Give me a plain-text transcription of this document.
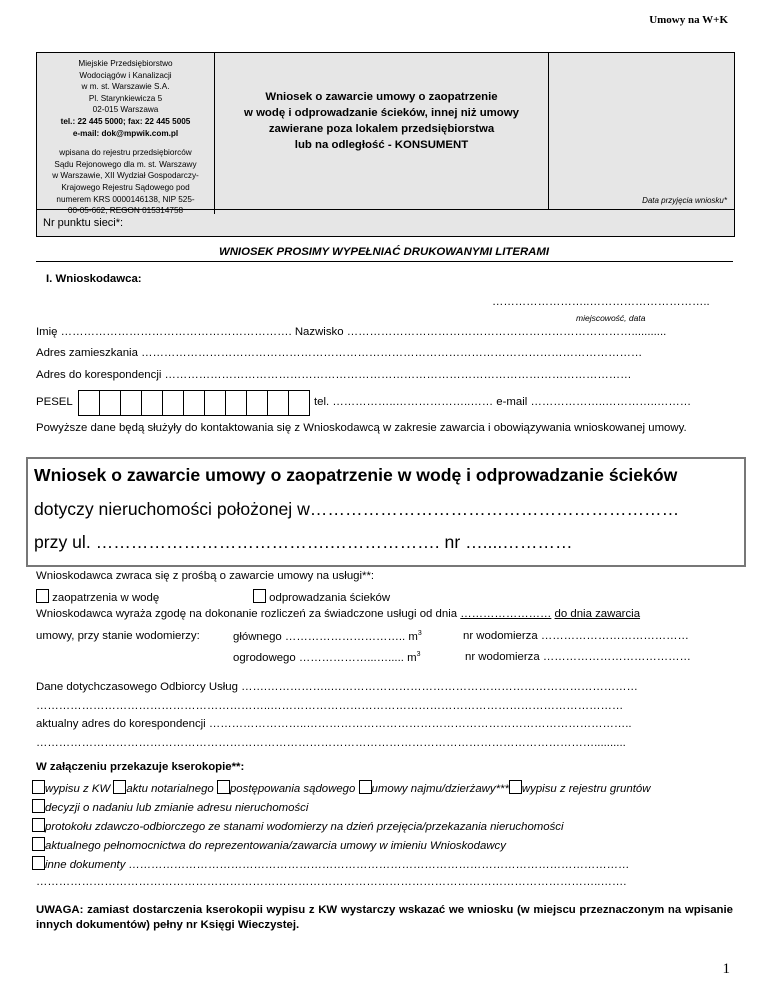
Umowy na W+K
Miejskie Przedsiębiorstwo
Wodociągów i Kanalizacji
w m. st. Warszawie S.A.
Pl. Starynkiewicza 5
02-015 Warszawa
tel.: 22 445 5000; fax: 22 445 5005
e-mail: dok@mpwik.com.pl
wpisana do rejestru przedsiębiorców
Sądu Rejonowego dla m. st. Warszawy
w Warszawie, XII Wydział Gospodarczy-
Krajowego Rejestru Sądowego pod
numerem KRS 0000146138, NIP 525-
00-05-662, REGON 015314758
Wniosek o zawarcie umowy o zaopatrzenie
w wodę i odprowadzanie ścieków, innej niż umowy
zawierane poza lokalem przedsiębiorstwa
lub na odległość - KONSUMENT
Data przyjęcia wniosku*
Nr punktu sieci*:
WNIOSEK PROSIMY WYPEŁNIAĆ DRUKOWANYMI LITERAMI
I. Wnioskodawca:
……………………..…………………………..
miejscowość, data
Imię ……………………………………………………. Nazwisko …………………………………………………………………...........
Adres zamieszkania ……………………………………………………………………………………………………………………
Adres do korespondencji ……………………………………………………………………………………………………………
PESEL	tel. ……………..………………..…… e-mail ………………..…………..………
Powyższe dane będą służyły do kontaktowania się z Wnioskodawcą w zakresie zawarcia i obowiązywania wnioskowanej umowy.
Wniosek o zawarcie umowy o zaopatrzenie w wodę i odprowadzanie ścieków
dotyczy nieruchomości położonej w………………………………………………………
przy ul. ………………………………….………………. nr …....…………
Wnioskodawca zwraca się z prośbą o zawarcie umowy na usługi**:
zaopatrzenia w wodę	odprowadzania ścieków
Wnioskodawca wyraża zgodę na dokonanie rozliczeń za świadczone usługi od dnia …………………… do dnia zawarcia
umowy, przy stanie wodomierzy:	głównego ………………………….. $m^3$	nr wodomierza …………………………………
ogrodowego ………………...…..... $m^3$	nr wodomierza …………………………………
Dane dotychczasowego Odbiorcy Usług …….……………..………………………………………………………………………
……………………………………………………..…………………………………………………………………………………
aktualny adres do korespondencji ……………………..…………………………………………………………………………..
…………………………………………………………………………………………………………………………………..........
W załączeniu przekazuje kserokopie**:
wypisu z KW aktu notarialnego postępowania sądowego umowy najmu/dzierżawy*** wypisu z rejestru gruntów
decyzji o nadaniu lub zmianie adresu nieruchomości
protokołu zdawczo-odbiorczego ze stanami wodomierzy na dzień przejęcia/przekazania nieruchomości
aktualnego pełnomocnictwa do reprezentowania/zawarcia umowy w imieniu Wnioskodawcy
inne dokumenty ……………………………………………………………………………………………………………………
…………………………………………………………………………………………………………………………………..…….
UWAGA: zamiast dostarczenia kserokopii wypisu z KW wystarczy wskazać we wniosku (w miejscu przeznaczonym na wpisanie innych dokumentów) pełny nr Księgi Wieczystej.
1
